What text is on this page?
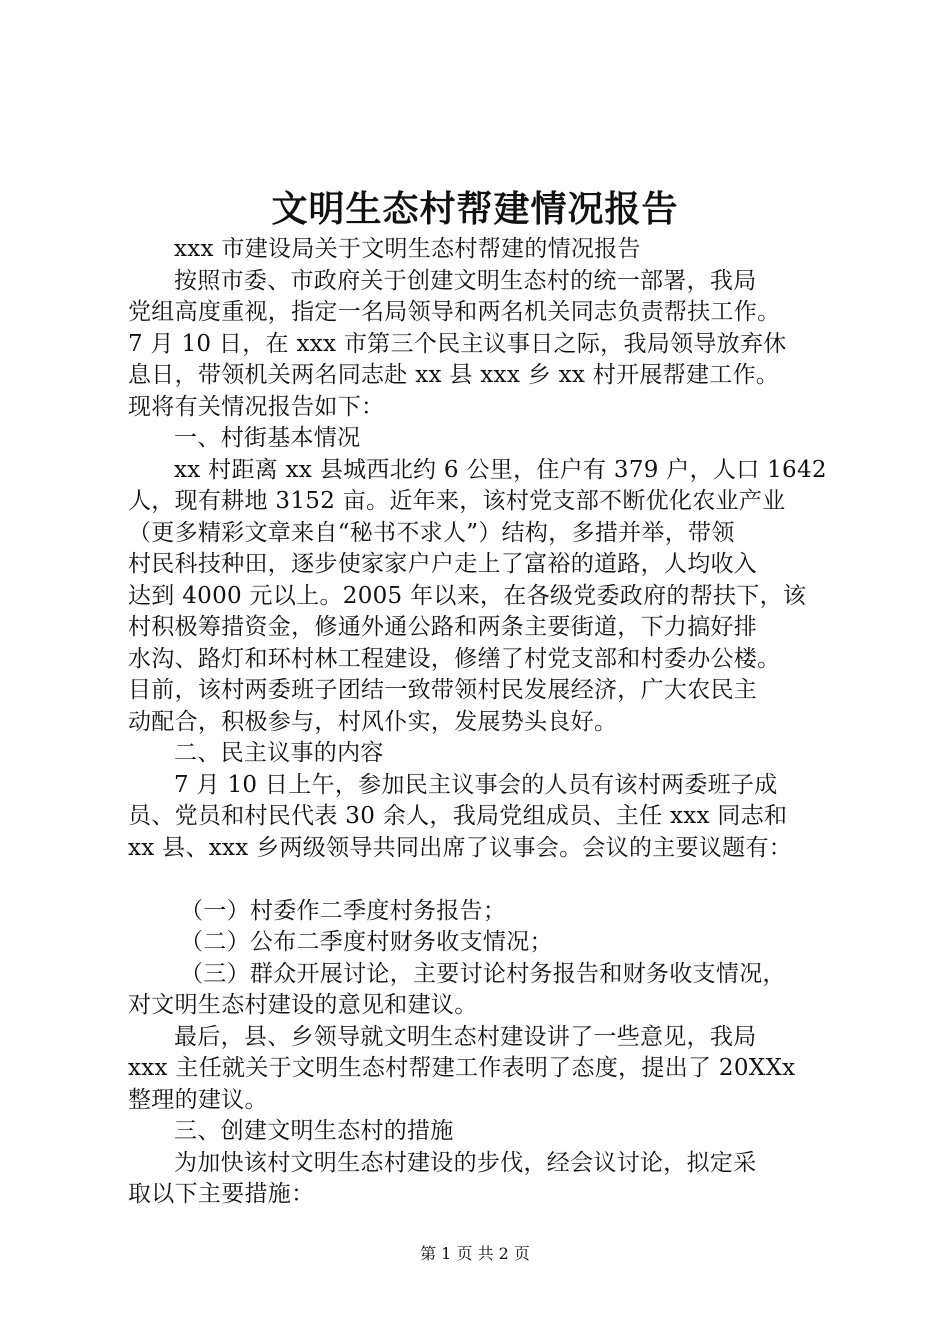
文明生态村帮建情况报告
xxx 市建设局关于文明生态村帮建的情况报告
按照市委、市政府关于创建文明生态村的统一部署，我局
党组高度重视，指定一名局领导和两名机关同志负责帮扶工作。
7 月 10 日，在 xxx 市第三个民主议事日之际，我局领导放弃休
息日，带领机关两名同志赴 xx 县 xxx 乡 xx 村开展帮建工作。
现将有关情况报告如下：
一、村街基本情况
xx 村距离 xx 县城西北约 6 公里，住户有 379 户，人口 1642
人，现有耕地 3152 亩。近年来，该村党支部不断优化农业产业
（更多精彩文章来自“秘书不求人”）结构，多措并举，带领
村民科技种田，逐步使家家户户走上了富裕的道路，人均收入
达到 4000 元以上。2005 年以来，在各级党委政府的帮扶下，该
村积极筹措资金，修通外通公路和两条主要街道，下力搞好排
水沟、路灯和环村林工程建设，修缮了村党支部和村委办公楼。
目前，该村两委班子团结一致带领村民发展经济，广大农民主
动配合，积极参与，村风仆实，发展势头良好。
二、民主议事的内容
7 月 10 日上午，参加民主议事会的人员有该村两委班子成
员、党员和村民代表 30 余人，我局党组成员、主任 xxx 同志和
xx 县、xxx 乡两级领导共同出席了议事会。会议的主要议题有：
（一）村委作二季度村务报告；
（二）公布二季度村财务收支情况；
（三）群众开展讨论，主要讨论村务报告和财务收支情况，
对文明生态村建设的意见和建议。
最后，县、乡领导就文明生态村建设讲了一些意见，我局
xxx 主任就关于文明生态村帮建工作表明了态度，提出了 20XXx
整理的建议。
三、创建文明生态村的措施
为加快该村文明生态村建设的步伐，经会议讨论，拟定采
取以下主要措施：
第 1 页 共 2 页
